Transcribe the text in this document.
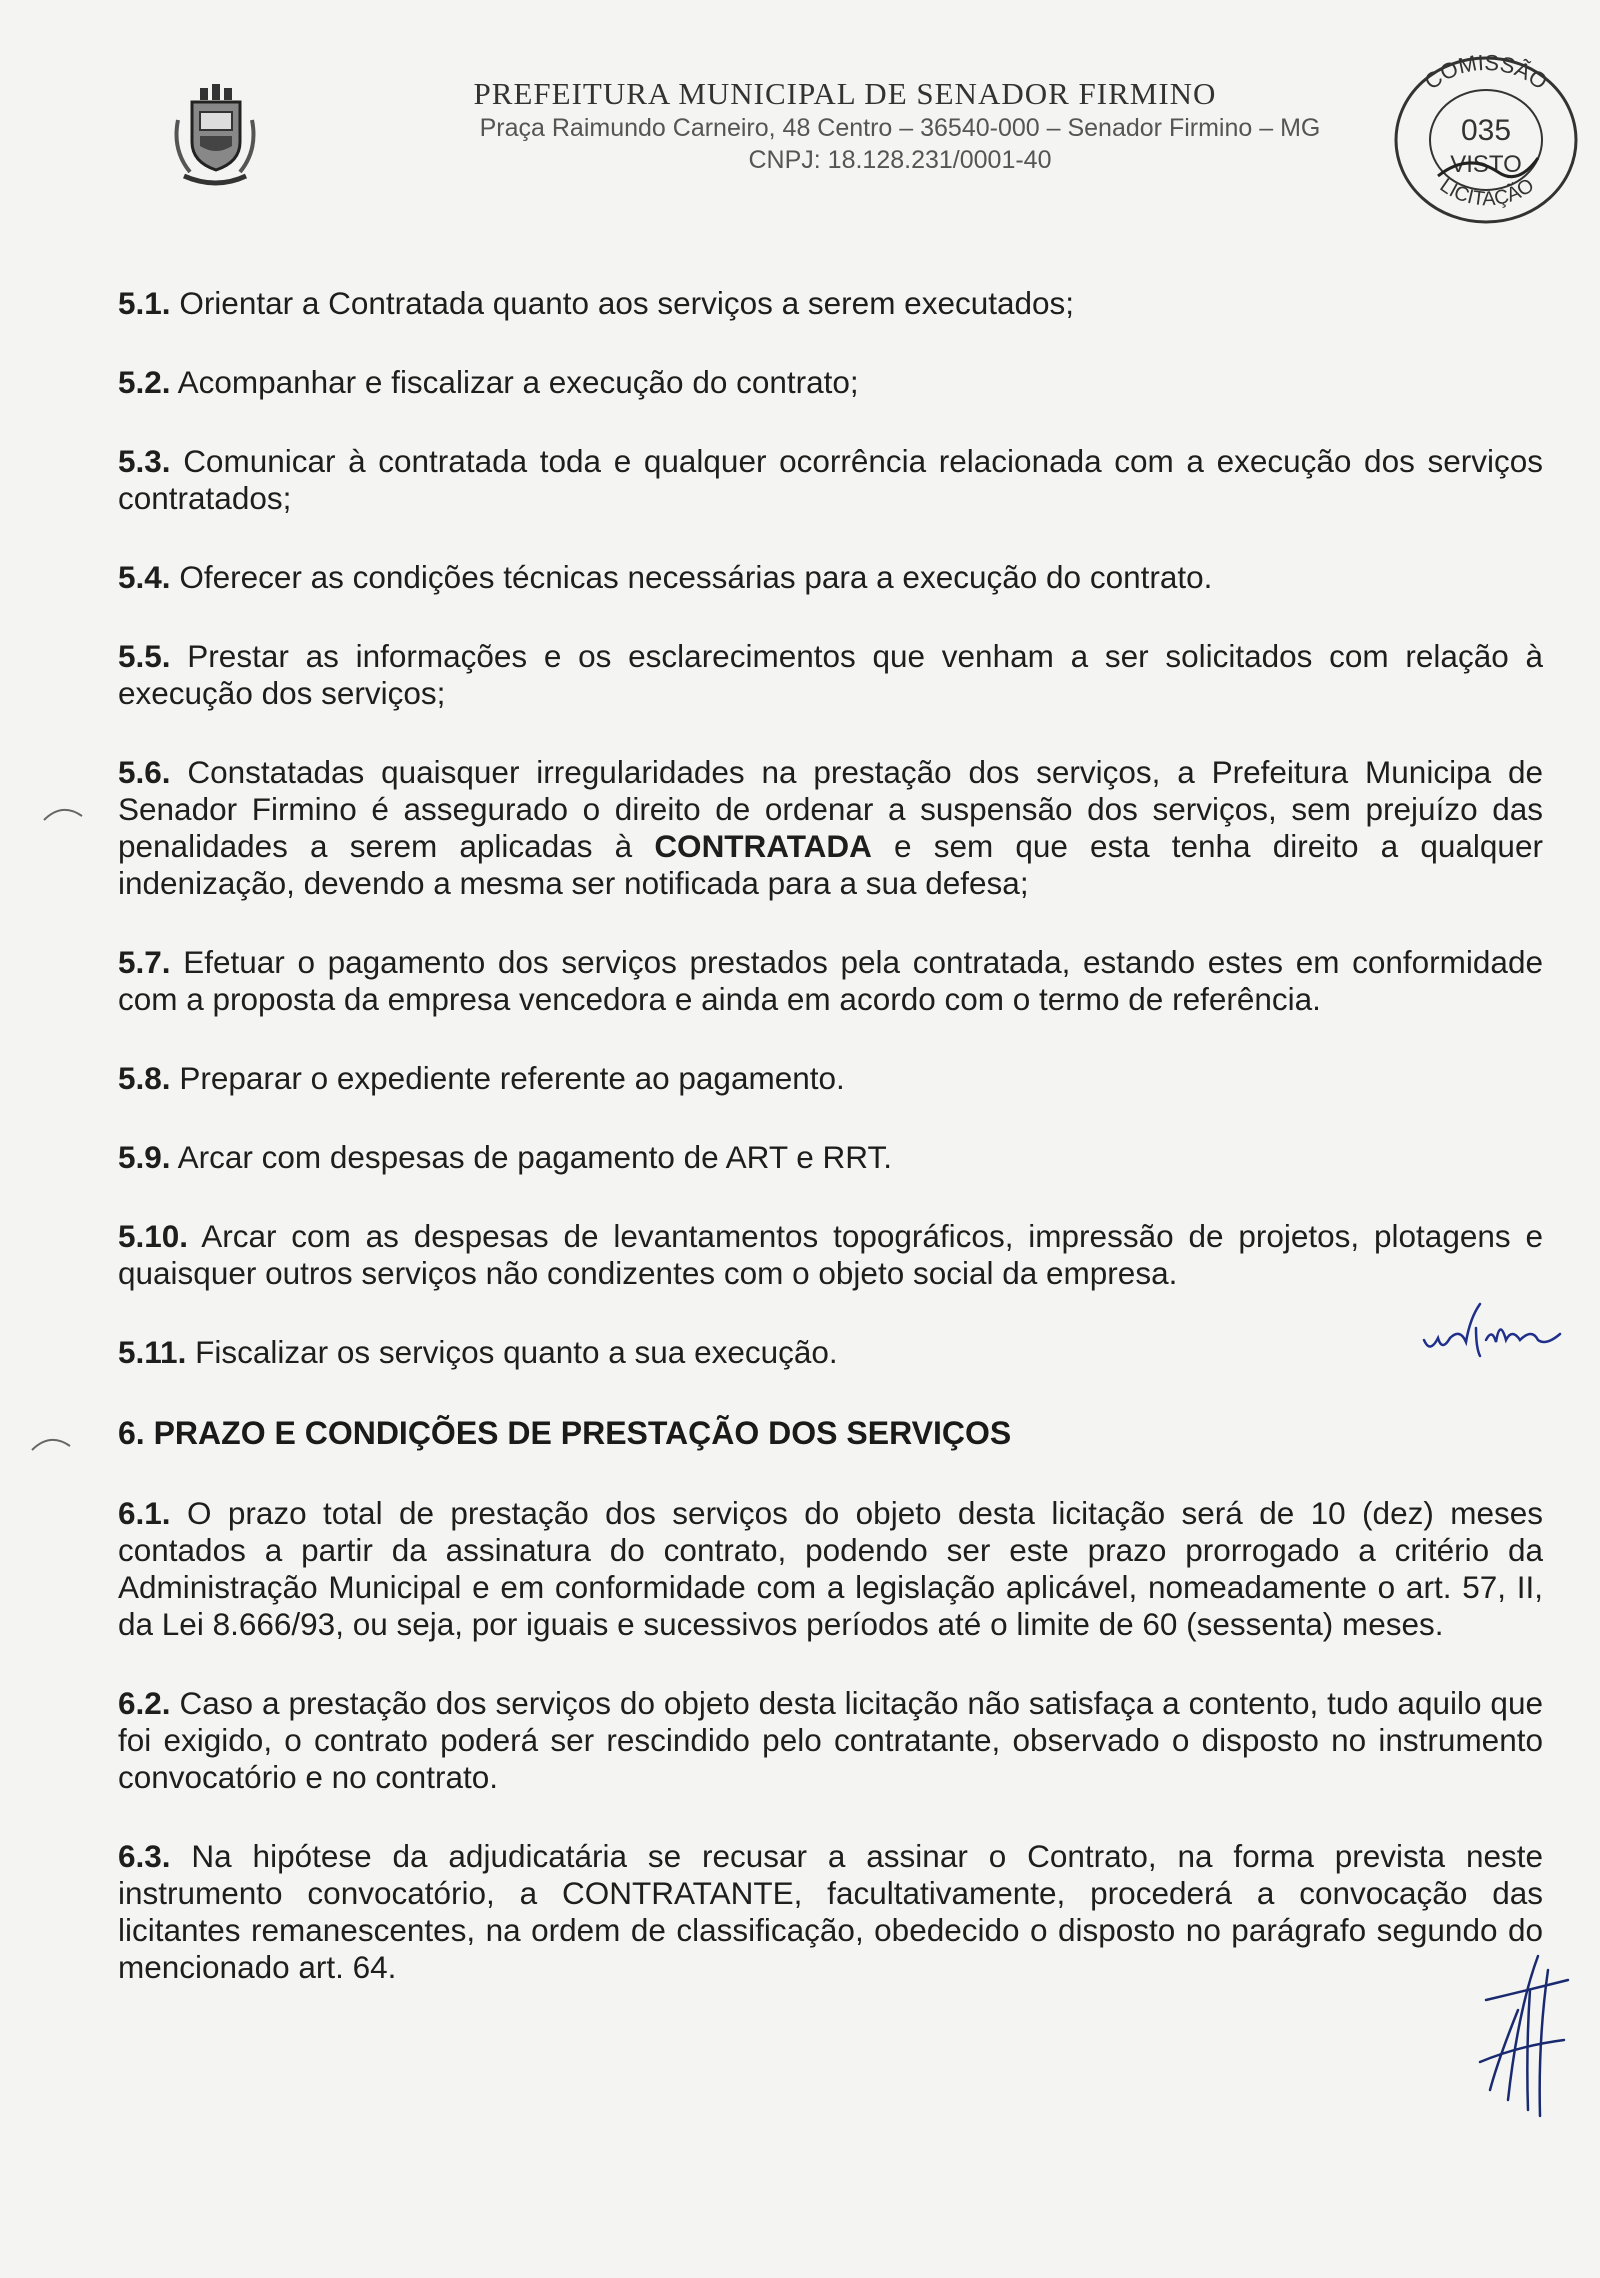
PREFEITURA MUNICIPAL DE SENADOR FIRMINO
Praça Raimundo Carneiro, 48 Centro – 36540-000 – Senador Firmino – MG
CNPJ: 18.128.231/0001-40
COMISSÃO
LICITAÇÃO
035
VISTO

5.1. Orientar a Contratada quanto aos serviços a serem executados;

5.2. Acompanhar e fiscalizar a execução do contrato;

5.3. Comunicar à contratada toda e qualquer ocorrência relacionada com a execução dos serviços contratados;

5.4. Oferecer as condições técnicas necessárias para a execução do contrato.

5.5. Prestar as informações e os esclarecimentos que venham a ser solicitados com relação à execução dos serviços;

5.6. Constatadas quaisquer irregularidades na prestação dos serviços, a Prefeitura Municipa de Senador Firmino é assegurado o direito de ordenar a suspensão dos serviços, sem prejuízo das penalidades a serem aplicadas à CONTRATADA e sem que esta tenha direito a qualquer indenização, devendo a mesma ser notificada para a sua defesa;

5.7. Efetuar o pagamento dos serviços prestados pela contratada, estando estes em conformidade com a proposta da empresa vencedora e ainda em acordo com o termo de referência.

5.8. Preparar o expediente referente ao pagamento.

5.9. Arcar com despesas de pagamento de ART e RRT.

5.10. Arcar com as despesas de levantamentos topográficos, impressão de projetos, plotagens e quaisquer outros serviços não condizentes com o objeto social da empresa.

5.11. Fiscalizar os serviços quanto a sua execução.

6. PRAZO E CONDIÇÕES DE PRESTAÇÃO DOS SERVIÇOS

6.1. O prazo total de prestação dos serviços do objeto desta licitação será de 10 (dez) meses contados a partir da assinatura do contrato, podendo ser este prazo prorrogado a critério da Administração Municipal e em conformidade com a legislação aplicável, nomeadamente o art. 57, II, da Lei 8.666/93, ou seja, por iguais e sucessivos períodos até o limite de 60 (sessenta) meses.

6.2. Caso a prestação dos serviços do objeto desta licitação não satisfaça a contento, tudo aquilo que foi exigido, o contrato poderá ser rescindido pelo contratante, observado o disposto no instrumento convocatório e no contrato.

6.3. Na hipótese da adjudicatária se recusar a assinar o Contrato, na forma prevista neste instrumento convocatório, a CONTRATANTE, facultativamente, procederá a convocação das licitantes remanescentes, na ordem de classificação, obedecido o disposto no parágrafo segundo do mencionado art. 64.
